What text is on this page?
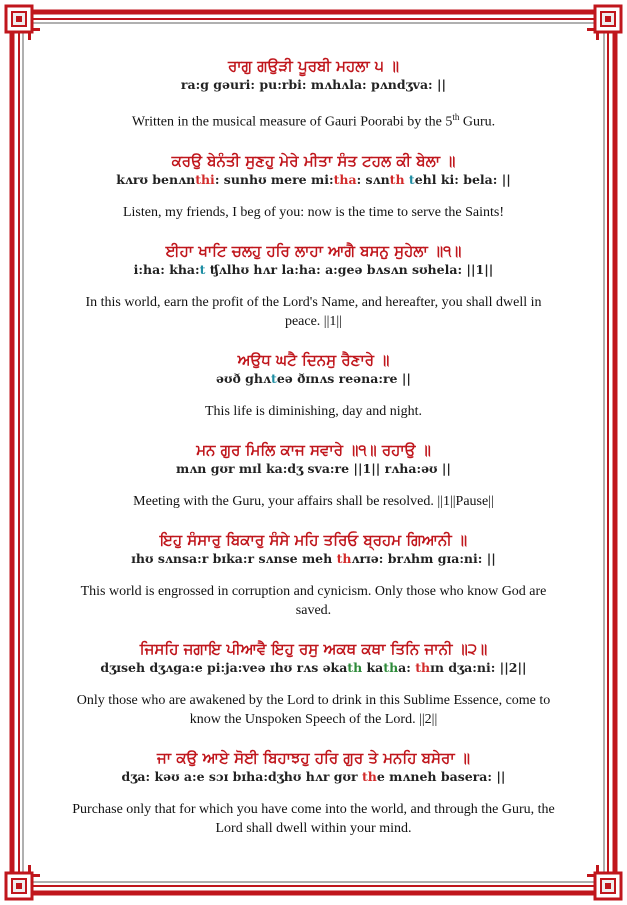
ਰਾਗੁ ਗਉੜੀ ਪੂਰਬੀ ਮਹਲਾ ੫ ॥

ra:g gəuri: pu:rbi: mʌhʌla: pʌndʒva: ||

Written in the musical measure of Gauri Poorabi by the 5th Guru.

ਕਰਉ ਬੇਨੰਤੀ ਸੁਣਹੁ ਮੇਰੇ ਮੀਤਾ ਸੰਤ ਟਹਲ ਕੀ ਬੇਲਾ ॥

kʌrʊ benʌnthi: sunhʊ mere mi:tha: sʌnth tehl ki: bela: ||

Listen, my friends, I beg of you: now is the time to serve the Saints!

ਈਹਾ ਖਾਟਿ ਚਲਹੁ ਹਰਿ ਲਾਹਾ ਆਗੈ ਬਸਨੁ ਸੁਹੇਲਾ ॥੧॥

i:ha: kha:t ʧʌlhʊ hʌr la:ha: a:geə bʌsʌn sʊhela: ||1||

In this world, earn the profit of the Lord's Name, and hereafter, you shall dwell in peace. ||1||

ਅਉਧ ਘਟੈ ਦਿਨਸੁ ਰੈਣਾਰੇ ॥

əʊð ghʌteə ðɪnʌs reəna:re ||

This life is diminishing, day and night.

ਮਨ ਗੁਰ ਮਿਲਿ ਕਾਜ ਸਵਾਰੇ ॥੧॥ ਰਹਾਉ ॥

mʌn gʊr mɪl ka:dʒ sva:re ||1|| rʌha:əʊ ||

Meeting with the Guru, your affairs shall be resolved. ||1||Pause||

ਇਹੁ ਸੰਸਾਰੁ ਬਿਕਾਰੁ ਸੰਸੇ ਮਹਿ ਤਰਿਓ ਬ੍ਰਹਮ ਗਿਆਨੀ ॥

ɪhʊ sʌnsa:r bɪka:r sʌnse meh thʌrɪə: brʌhm gɪa:ni: ||

This world is engrossed in corruption and cynicism. Only those who know God are saved.

ਜਿਸਹਿ ਜਗਾਇ ਪੀਆਵੈ ਇਹੁ ਰਸੁ ਅਕਥ ਕਥਾ ਤਿਨਿ ਜਾਨੀ ॥੨॥

dʒɪseh dʒʌga:e pi:ja:veə ɪhʊ rʌs əkath katha: thɪn dʒa:ni: ||2||

Only those who are awakened by the Lord to drink in this Sublime Essence, come to know the Unspoken Speech of the Lord. ||2||

ਜਾ ਕਉ ਆਏ ਸੋਈ ਬਿਹਾਝਹੁ ਹਰਿ ਗੁਰ ਤੇ ਮਨਹਿ ਬਸੇਰਾ ॥

dʒa: kəʊ a:e sɔɪ bɪha:dʒhʊ hʌr gʊr the mʌneh basera: ||

Purchase only that for which you have come into the world, and through the Guru, the Lord shall dwell within your mind.
